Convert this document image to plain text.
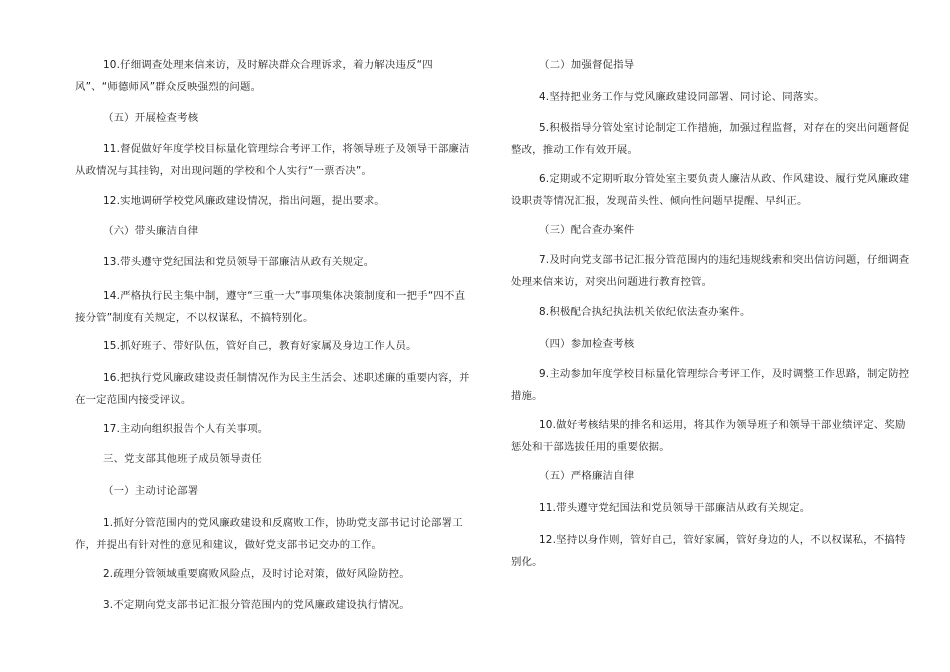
10.仔细调查处理来信来访，及时解决群众合理诉求，着力解决违反“四风”、“师德师风”群众反映强烈的问题。

（五）开展检查考核

11.督促做好年度学校目标量化管理综合考评工作，将领导班子及领导干部廉洁从政情况与其挂钩，对出现问题的学校和个人实行“一票否决”。

12.实地调研学校党风廉政建设情况，指出问题，提出要求。

（六）带头廉洁自律

13.带头遵守党纪国法和党员领导干部廉洁从政有关规定。

14.严格执行民主集中制，遵守“三重一大”事项集体决策制度和一把手“四不直接分管”制度有关规定，不以权谋私，不搞特别化。

15.抓好班子、带好队伍，管好自己，教育好家属及身边工作人员。

16.把执行党风廉政建设责任制情况作为民主生活会、述职述廉的重要内容，并在一定范围内接受评议。

17.主动向组织报告个人有关事项。

三、党支部其他班子成员领导责任

（一）主动讨论部署

1.抓好分管范围内的党风廉政建设和反腐败工作，协助党支部书记讨论部署工作，并提出有针对性的意见和建议，做好党支部书记交办的工作。

2.疏理分管领域重要腐败风险点，及时讨论对策，做好风险防控。

3.不定期向党支部书记汇报分管范围内的党风廉政建设执行情况。

（二）加强督促指导

4.坚持把业务工作与党风廉政建设同部署、同讨论、同落实。

5.积极指导分管处室讨论制定工作措施，加强过程监督，对存在的突出问题督促整改，推动工作有效开展。

6.定期或不定期听取分管处室主要负责人廉洁从政、作风建设、履行党风廉政建设职责等情况汇报，发现苗头性、倾向性问题早提醒、早纠正。

（三）配合查办案件

7.及时向党支部书记汇报分管范围内的违纪违规线索和突出信访问题，仔细调查处理来信来访，对突出问题进行教育控管。

8.积极配合执纪执法机关依纪依法查办案件。

（四）参加检查考核

9.主动参加年度学校目标量化管理综合考评工作，及时调整工作思路，制定防控措施。

10.做好考核结果的排名和运用，将其作为领导班子和领导干部业绩评定、奖励惩处和干部选拔任用的重要依据。

（五）严格廉洁自律

11.带头遵守党纪国法和党员领导干部廉洁从政有关规定。

12.坚持以身作则，管好自己，管好家属，管好身边的人，不以权谋私，不搞特别化。
